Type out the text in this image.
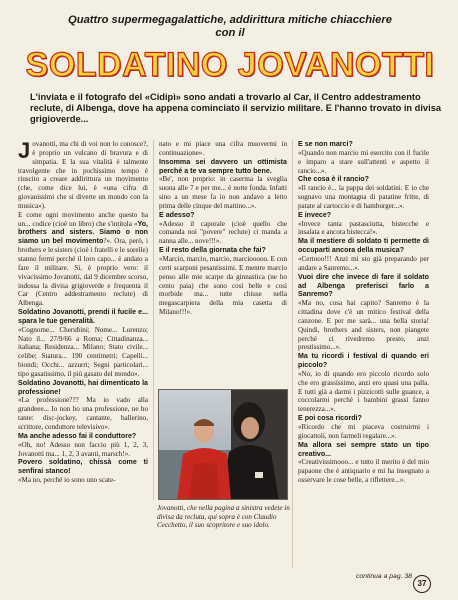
Quattro supermegagalattiche, addirittura mitiche chiacchiere con il
SOLDATINO JOVANOTTI
L'inviata e il fotografo del «Cidipì» sono andati a trovarlo al Car, il Centro addestramento reclute, di Albenga, dove ha appena cominciato il servizio militare. E l'hanno trovato in divisa grigioverde...
J ovanotti, ma chi di voi non lo conosce?, è proprio un vulcano di bravura e di simpatia. E la sua vitalità è talmente travolgente che in pochissimo tempo è riuscito a creare addirittura un movimento (che, come dice lui, è «una cifra di giovanissimi che si diverte un mondo con la musica»).

E come ogni movimento anche questo ha un... codice (cioè un libro) che s'intitola «Yo, brothers and sisters. Siamo o non siamo un bel movimento?». Ora, però, i brothers e le sisters (cioè i fratelli e le sorelle) stanno fermi perché il loro capo... è andato a fare il militare. Sì, è proprio vero: il vivacissimo Jovanotti, dal 9 dicembre scorso, indossa la divisa grigioverde e frequenta il Car (Centro addestramento reclute) di Albenga.

Soldatino Jovanotti, prendi il fucile e... spara le tue generalità.

«Cognome... Cherubini; Nome... Lorenzo; Nato il... 27/9/66 a Roma; Cittadinanza... italiana; Residenza... Milano; Stato civile... celibe; Statura... 190 centimetri; Capelli... biondi; Occhi... azzurri; Segni particolari... tipo gasatissimo, il più gasato del mondo».

Soldatino Jovanotti, hai dimenticato la professione!

«La professione??? Ma io vado alla grandeee... Io non ho una professione, ne ho tante: disc-jockey, cantante, ballerino, scrittore, conduttore televisivo».

Ma anche adesso fai il conduttore?

«Oh, no! Adesso non faccio più 1, 2, 3, Jovanotti ma... 1, 2, 3 avanti, marsch!».

Povero soldatino, chissà come ti senfirai stanco!

«Ma no, perché io sono uno scate-

nato e mi piace una cifra muovermi in continuazione».

Insomma sei davvero un ottimista perché a te va sempre tutto bene.

«Be', non proprio: in caserma la sveglia suona alle 7 e per me... è notte fonda. Infatti sino a un mese fa io non andavo a letto prima delle cinque del mattino...».

E adesso?

«Adesso il caporale (cioè quello che comanda noi "povere" reclute) ci manda a nanna alle... nove!!!».

E il resto della giornata che fai?

«Marcio, marcio, marcio, marciooooo. E con certi scarponi pesantissimi. E mentre marcio penso alle mie scarpe da ginnastica (ne ho cento paia) che sono così belle e così morbide ma... tutte chiuse nella megascarpiera della mia casetta di Milano!!!».

E se non marci?

«Quando non marcio mi esercito con il fucile e imparo a stare sull'attenti e aspetto il rancio...».

Che cosa è il rancio?

«Il rancio è... la pappa dei soldatini. E io che sognavo una montagna di patatine fritte, di patate al cartoccio e di hamburger...».

E invece?

«Invece tanta pastasciutta, bistecche e insalata e ancora bistecca!».

Ma il mestiere di soldato ti permette di occuparti ancora della musica?

«Certooo!!! Anzi mi sto già preparando per andare a Sanremo...».

Vuoi dire che invece di fare il soldato ad Albenga preferisci farlo a Sanremo?

«Ma no, cosa hai capito? Sanremo è la cittadina dove c'è un mitico festival della canzone. E per me sarà... una bella storia! Quindi, brothers and sisters, non piangete perché ci rivedremo presto, anzi prestissimo...».

Ma tu ricordi i festival di quando eri piccolo?

«No, io di quando ero piccolo ricordo solo che ero grassissimo, anzi ero quasi una palla. E tutti già a darmi i pizzicotti sulle guance, a coccolarmi perché i bambini grassi fanno tenerezza...».

E poi cosa ricordi?

«Ricordo che mi piaceva costruirmi i giocattoli, non farmeli regalare...».

Ma allora sei sempre stato un tipo creativo...

«Creativissimooo... e tutto il merito è del mio papaone che è antiquario e mi ha insegnato a osservare le cose belle, a riflettere...».

Jovanotti, che nella pagina a sinistra vedete in divisa da recluta, qui sopra è con Claudio Cecchetto, il suo scopritore e suo idolo.
continua a pag. 38
37
